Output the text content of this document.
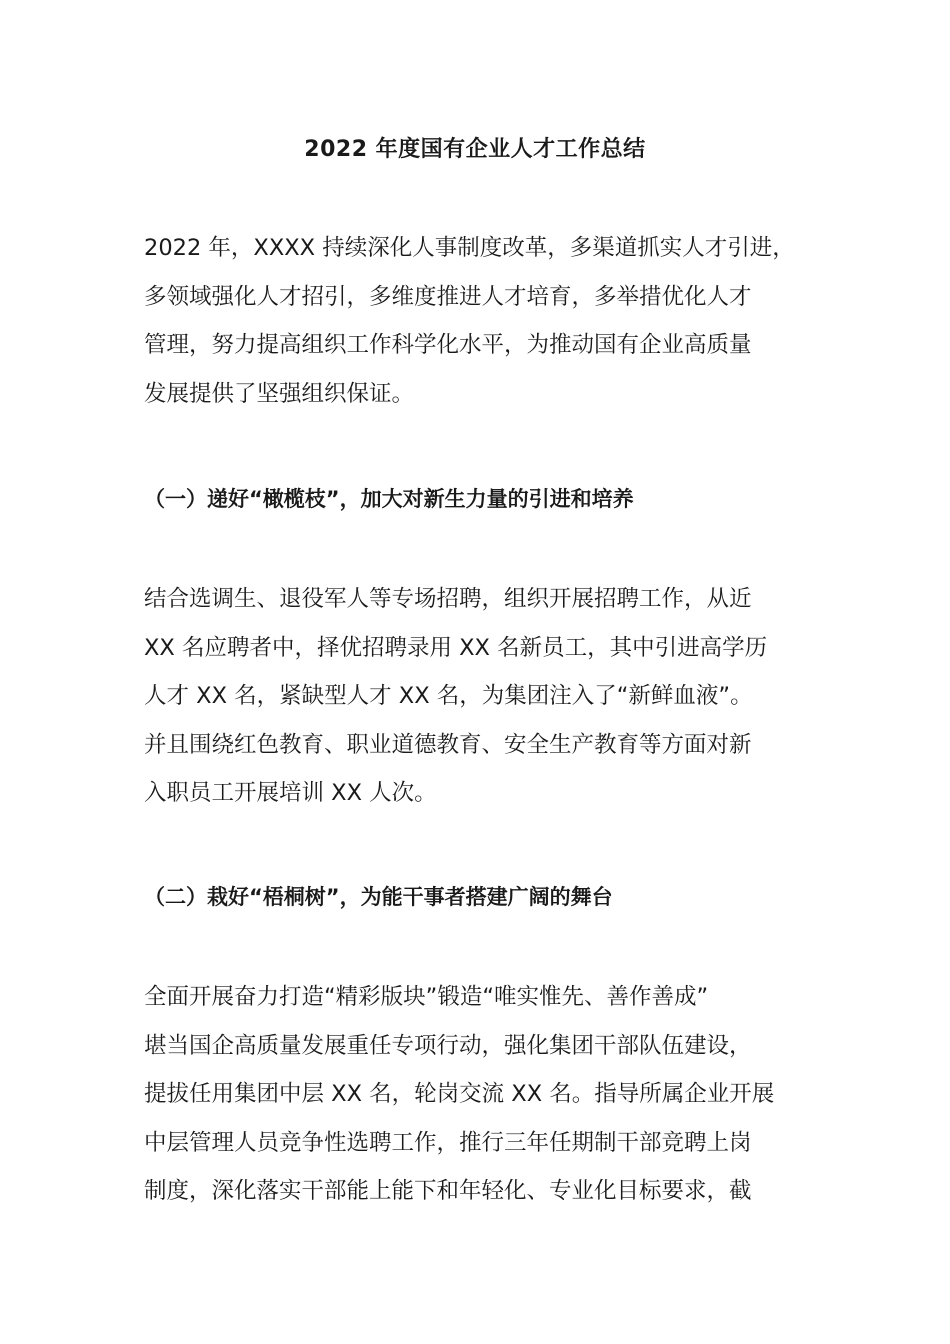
2022 年度国有企业人才工作总结

2022 年，XXXX 持续深化人事制度改革，多渠道抓实人才引进，
多领域强化人才招引，多维度推进人才培育，多举措优化人才
管理，努力提高组织工作科学化水平，为推动国有企业高质量
发展提供了坚强组织保证。

（一）递好“橄榄枝”，加大对新生力量的引进和培养

结合选调生、退役军人等专场招聘，组织开展招聘工作，从近
XX 名应聘者中，择优招聘录用 XX 名新员工，其中引进高学历
人才 XX 名，紧缺型人才 XX 名，为集团注入了“新鲜血液”。
并且围绕红色教育、职业道德教育、安全生产教育等方面对新
入职员工开展培训 XX 人次。

（二）栽好“梧桐树”，为能干事者搭建广阔的舞台

全面开展奋力打造“精彩版块”锻造“唯实惟先、善作善成”
堪当国企高质量发展重任专项行动，强化集团干部队伍建设，
提拔任用集团中层 XX 名，轮岗交流 XX 名。指导所属企业开展
中层管理人员竞争性选聘工作，推行三年任期制干部竞聘上岗
制度，深化落实干部能上能下和年轻化、专业化目标要求，截
